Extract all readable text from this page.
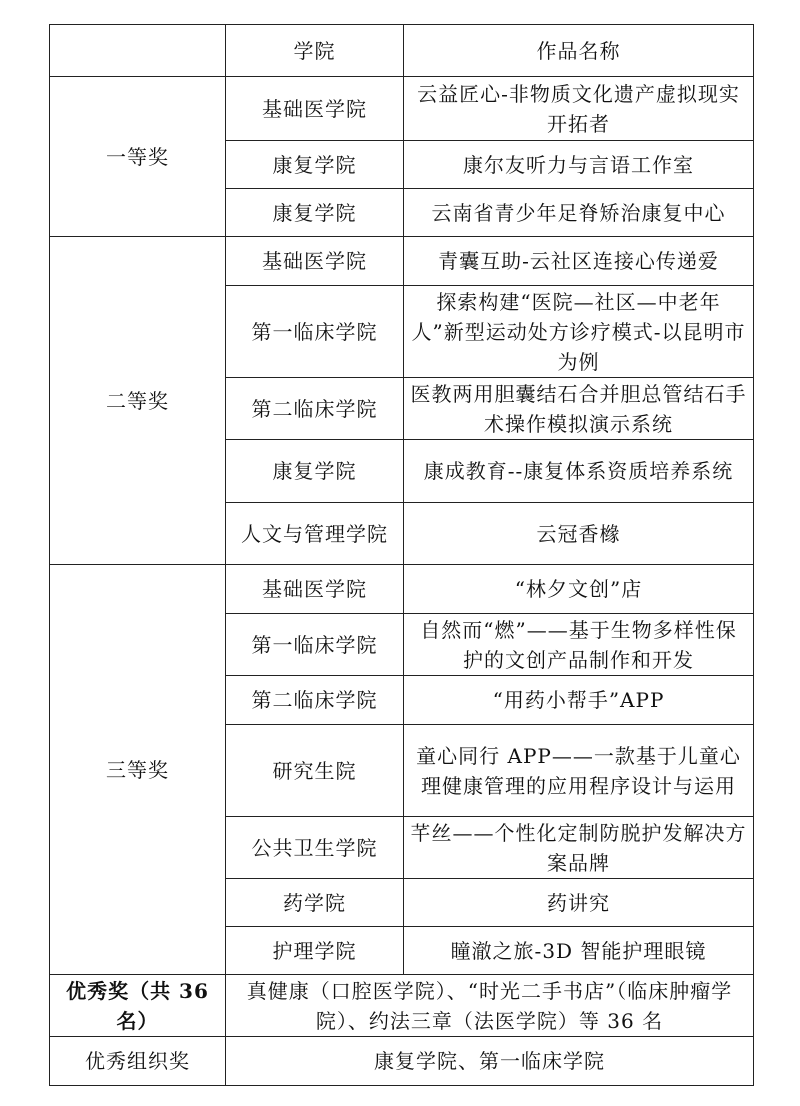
	学院	作品名称
一等奖	基础医学院	云益匠心-非物质文化遗产虚拟现实开拓者
	康复学院	康尔友听力与言语工作室
	康复学院	云南省青少年足脊矫治康复中心
二等奖	基础医学院	青囊互助-云社区连接心传递爱
	第一临床学院	探索构建“医院—社区—中老年人”新型运动处方诊疗模式-以昆明市为例
	第二临床学院	医教两用胆囊结石合并胆总管结石手术操作模拟演示系统
	康复学院	康成教育--康复体系资质培养系统
	人文与管理学院	云冠香橼
三等奖	基础医学院	“林夕文创”店
	第一临床学院	自然而“燃”——基于生物多样性保护的文创产品制作和开发
	第二临床学院	“用药小帮手”APP
	研究生院	童心同行 APP——一款基于儿童心理健康管理的应用程序设计与运用
	公共卫生学院	芊丝——个性化定制防脱护发解决方案品牌
	药学院	药讲究
	护理学院	瞳澈之旅-3D 智能护理眼镜
优秀奖（共 36 名）	真健康（口腔医学院）、“时光二手书店”（临床肿瘤学院）、约法三章（法医学院）等 36 名	
优秀组织奖	康复学院、第一临床学院	
